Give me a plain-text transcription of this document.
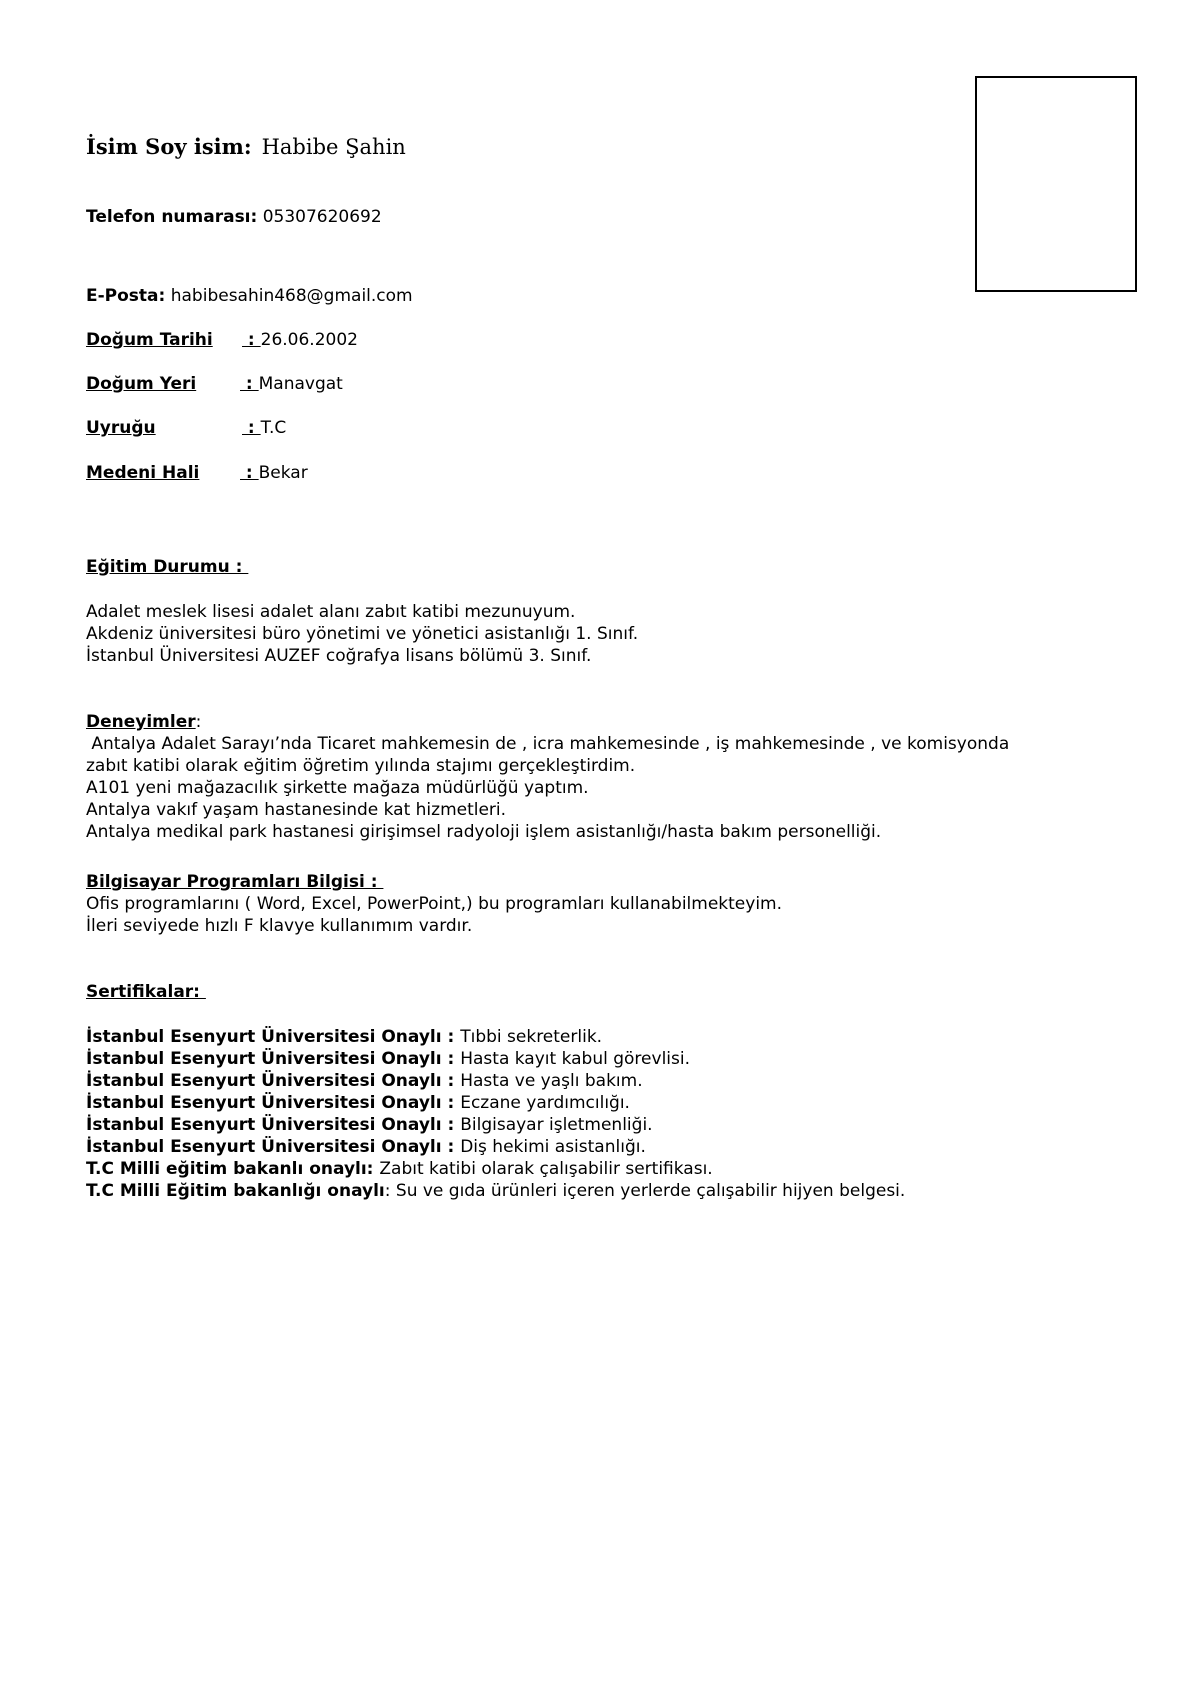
İsim Soy isim: Habibe Şahin
Telefon numarası: 05307620692
E-Posta: habibesahin468@gmail.com
Doğum Tarihi : 26.06.2002
Doğum Yeri	: Manavgat
Uyruğu	: T.C
Medeni Hali : Bekar
Eğitim Durumu :
Adalet meslek lisesi adalet alanı zabıt katibi mezunuyum.
Akdeniz üniversitesi büro yönetimi ve yönetici asistanlığı 1. Sınıf.
İstanbul Üniversitesi AUZEF coğrafya lisans bölümü 3. Sınıf.
Deneyimler:
Antalya Adalet Sarayı’nda Ticaret mahkemesin de , icra mahkemesinde , iş mahkemesinde , ve komisyonda
zabıt katibi olarak eğitim öğretim yılında stajımı gerçekleştirdim.
A101 yeni mağazacılık şirkette mağaza müdürlüğü yaptım.
Antalya vakıf yaşam hastanesinde kat hizmetleri.
Antalya medikal park hastanesi girişimsel radyoloji işlem asistanlığı/hasta bakım personelliği.
Bilgisayar Programları Bilgisi :
Ofis programlarını ( Word, Excel, PowerPoint,) bu programları kullanabilmekteyim.
İleri seviyede hızlı F klavye kullanımım vardır.
Sertifikalar:
İstanbul Esenyurt Üniversitesi Onaylı : Tıbbi sekreterlik.
İstanbul Esenyurt Üniversitesi Onaylı : Hasta kayıt kabul görevlisi.
İstanbul Esenyurt Üniversitesi Onaylı : Hasta ve yaşlı bakım.
İstanbul Esenyurt Üniversitesi Onaylı : Eczane yardımcılığı.
İstanbul Esenyurt Üniversitesi Onaylı : Bilgisayar işletmenliği.
İstanbul Esenyurt Üniversitesi Onaylı : Diş hekimi asistanlığı.
T.C Milli eğitim bakanlı onaylı: Zabıt katibi olarak çalışabilir sertifikası.
T.C Milli Eğitim bakanlığı onaylı: Su ve gıda ürünleri içeren yerlerde çalışabilir hijyen belgesi.
